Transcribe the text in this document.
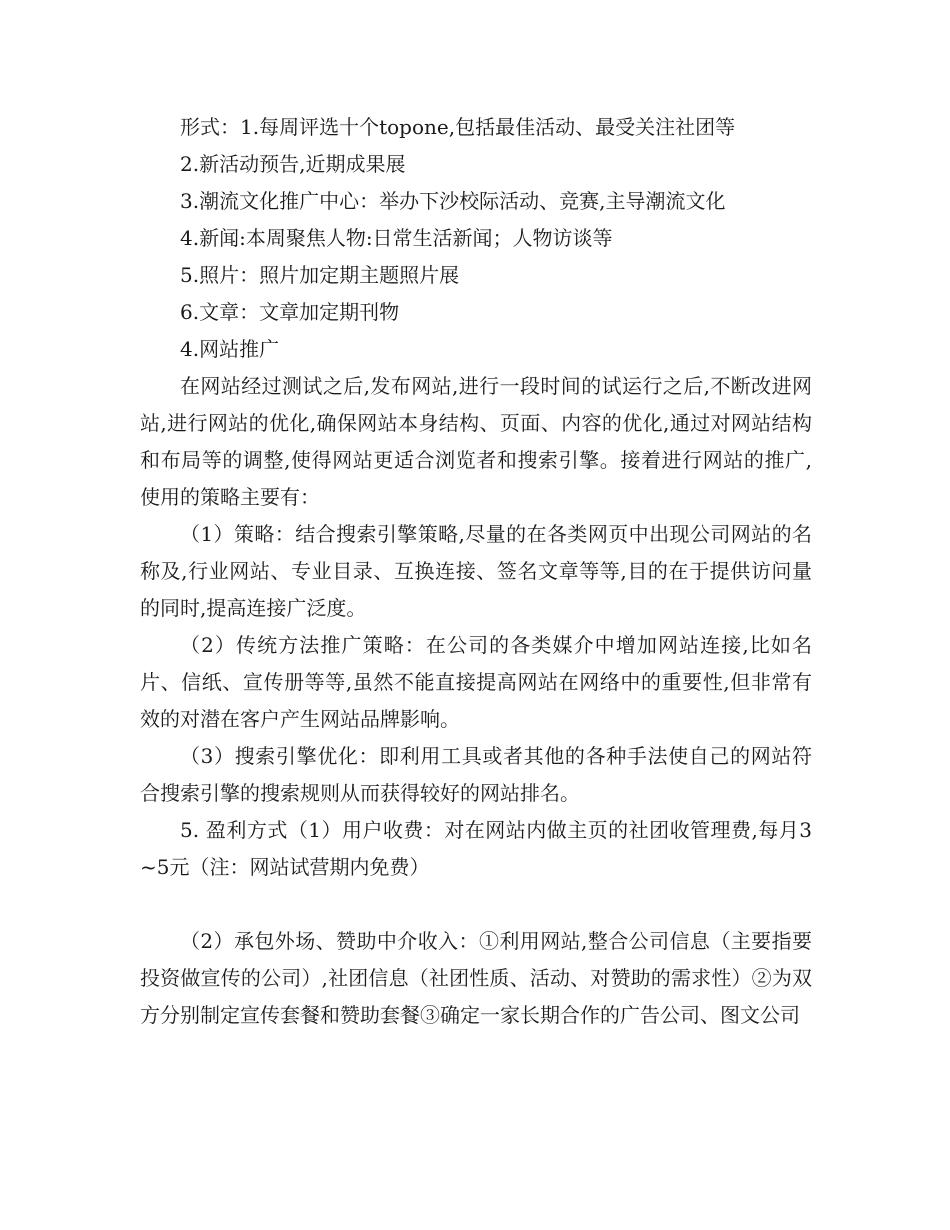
形式：1.每周评选十个topone,包括最佳活动、最受关注社团等

2.新活动预告,近期成果展

3.潮流文化推广中心：举办下沙校际活动、竞赛,主导潮流文化

4.新闻:本周聚焦人物:日常生活新闻；人物访谈等

5.照片：照片加定期主题照片展

6.文章：文章加定期刊物

4.网站推广

在网站经过测试之后,发布网站,进行一段时间的试运行之后,不断改进网站,进行网站的优化,确保网站本身结构、页面、内容的优化,通过对网站结构和布局等的调整,使得网站更适合浏览者和搜索引擎。接着进行网站的推广,使用的策略主要有：

（1）策略：结合搜索引擎策略,尽量的在各类网页中出现公司网站的名称及,行业网站、专业目录、互换连接、签名文章等等,目的在于提供访问量的同时,提高连接广泛度。

（2）传统方法推广策略：在公司的各类媒介中增加网站连接,比如名片、信纸、宣传册等等,虽然不能直接提高网站在网络中的重要性,但非常有效的对潜在客户产生网站品牌影响。

（3）搜索引擎优化：即利用工具或者其他的各种手法使自己的网站符合搜索引擎的搜索规则从而获得较好的网站排名。

5. 盈利方式（1）用户收费：对在网站内做主页的社团收管理费,每月3~5元（注：网站试营期内免费）

（2）承包外场、赞助中介收入：①利用网站,整合公司信息（主要指要投资做宣传的公司）,社团信息（社团性质、活动、对赞助的需求性）②为双方分别制定宣传套餐和赞助套餐③确定一家长期合作的广告公司、图文公司
